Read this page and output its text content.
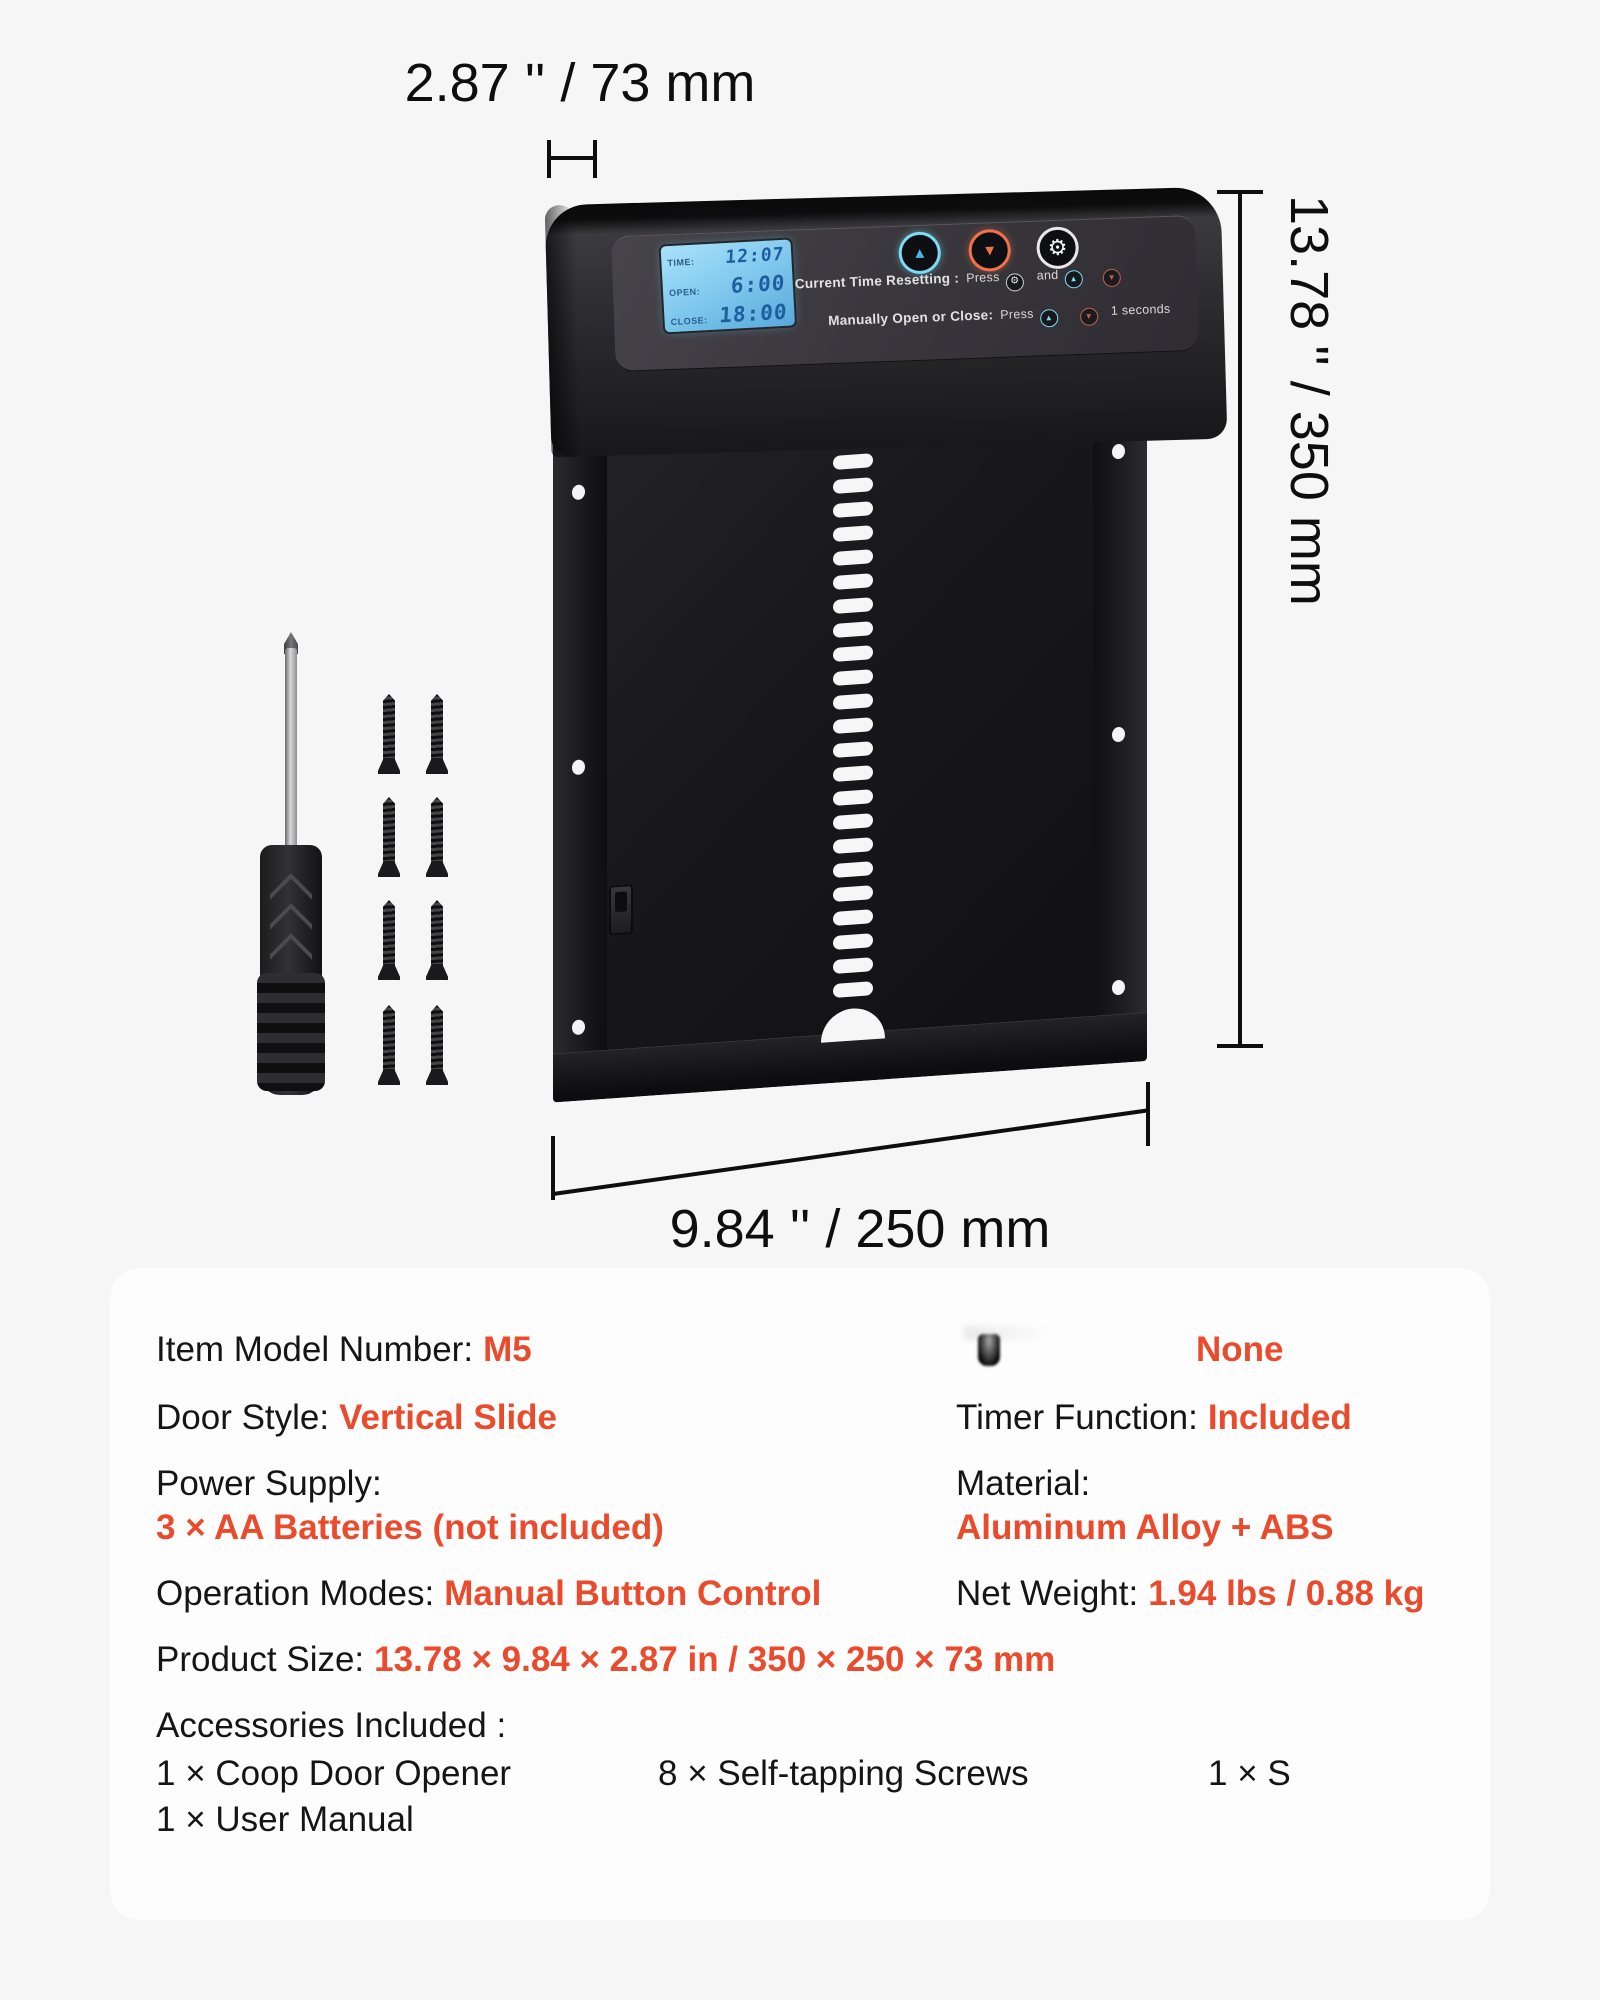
2.87 '' / 73 mm
13.78 '' / 350 mm
9.84 '' / 250 mm
TIME: 12:07
OPEN: 6:00
CLOSE: 18:00
▲	▼ ⚙
Current Time Resetting : Press ⚙ and ▲	▼
Manually Open or Close: Press ▲	▼ 1 seconds
Item Model Number: M5	None
Door Style: Vertical Slide	Timer Function: Included
Power Supply:
3 × AA Batteries (not included)
Material:
Aluminum Alloy + ABS
Operation Modes: Manual Button Control	Net Weight: 1.94 lbs / 0.88 kg
Product Size: 13.78 × 9.84 × 2.87 in / 350 × 250 × 73 mm
Accessories Included :
1 × Coop Door Opener	8 × Self-tapping Screws	1 × S
1 × User Manual
